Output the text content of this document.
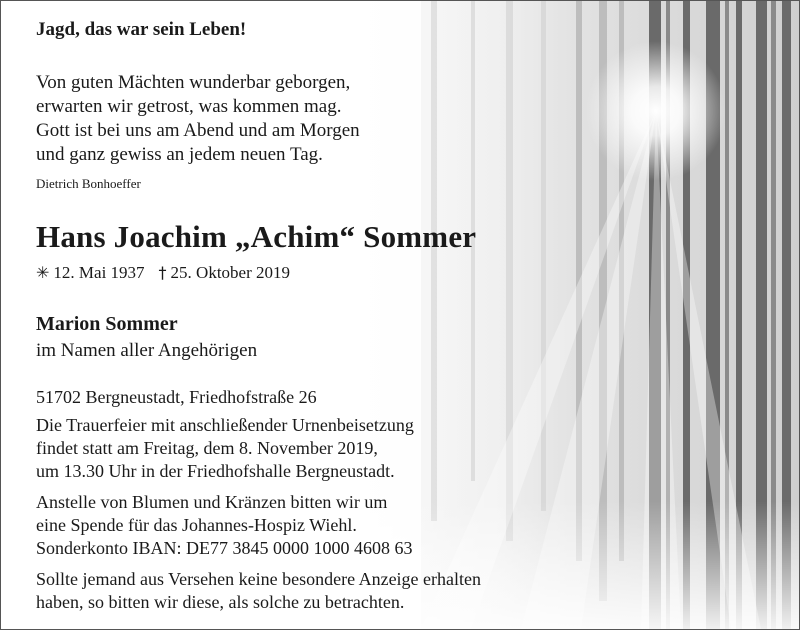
Jagd, das war sein Leben!
Von guten Mächten wunderbar geborgen,
erwarten wir getrost, was kommen mag.
Gott ist bei uns am Abend und am Morgen
und ganz gewiss an jedem neuen Tag.
Dietrich Bonhoeffer
Hans Joachim „Achim“ Sommer
✳ 12. Mai 1937 † 25. Oktober 2019
Marion Sommer
im Namen aller Angehörigen
51702 Bergneustadt, Friedhofstraße 26
Die Trauerfeier mit anschließender Urnenbeisetzung
findet statt am Freitag, dem 8. November 2019,
um 13.30 Uhr in der Friedhofshalle Bergneustadt.
Anstelle von Blumen und Kränzen bitten wir um
eine Spende für das Johannes-Hospiz Wiehl.
Sonderkonto IBAN: DE77 3845 0000 1000 4608 63
Sollte jemand aus Versehen keine besondere Anzeige erhalten
haben, so bitten wir diese, als solche zu betrachten.
